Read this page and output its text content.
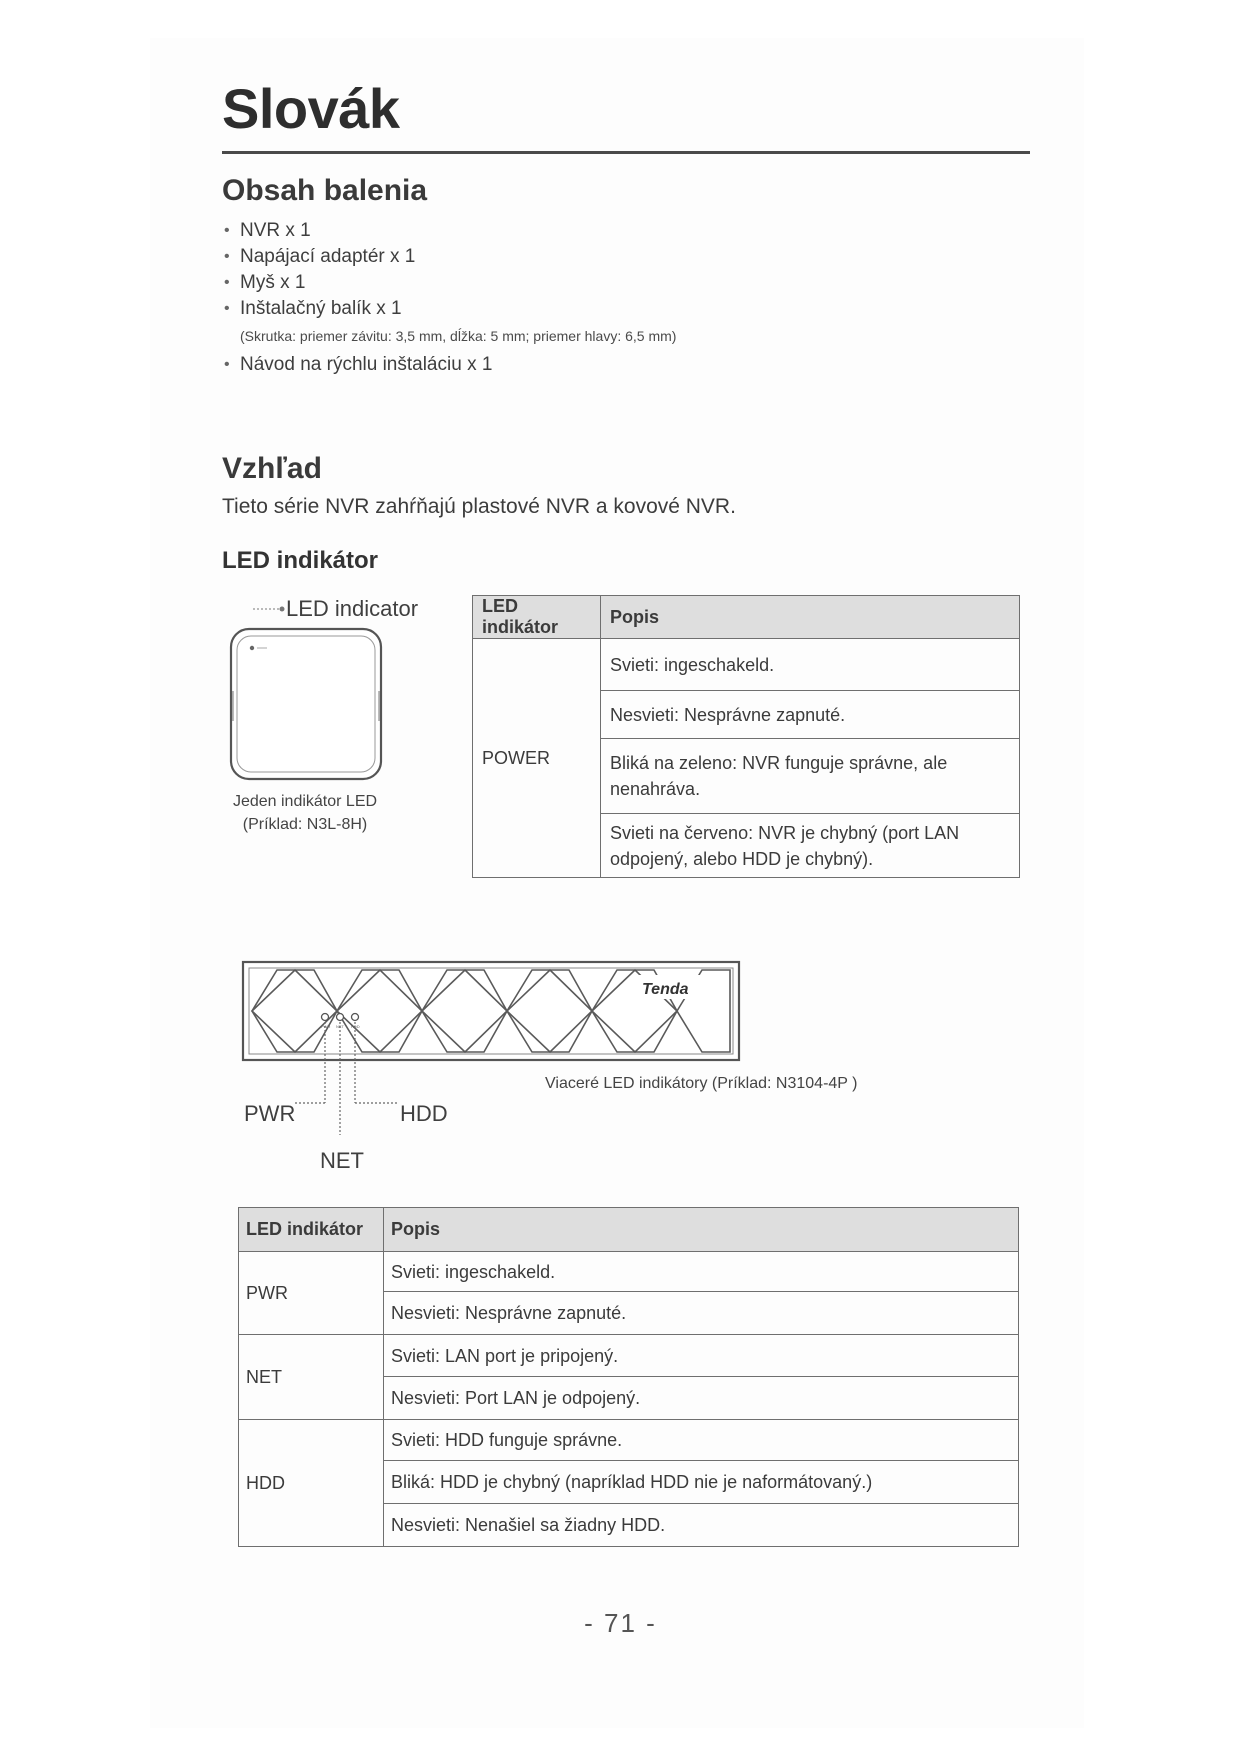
Slovák
Obsah balenia
• NVR x 1
• Napájací adaptér x 1
• Myš x 1
• Inštalačný balík x 1
(Skrutka: priemer závitu: 3,5 mm, dĺžka: 5 mm; priemer hlavy: 6,5 mm)
• Návod na rýchlu inštaláciu x 1
Vzhľad
Tieto série NVR zahŕňajú plastové NVR a kovové NVR.
LED indikátor
LED indicator
Jeden indikátor LED
(Príklad: N3L-8H)
LED indikátor	Popis
POWER	Svieti: ingeschakeld.
	Nesvieti: Nesprávne zapnuté.
	Bliká na zeleno: NVR funguje správne, ale nenahráva.
	Svieti na červeno: NVR je chybný (port LAN odpojený, alebo HDD je chybný).
Tenda
PWR NET HDD
PWR	HDD
NET
Viaceré LED indikátory (Príklad: N3104-4P )
LED indikátor	Popis
PWR	Svieti: ingeschakeld.
	Nesvieti: Nesprávne zapnuté.
NET	Svieti: LAN port je pripojený.
	Nesvieti: Port LAN je odpojený.
HDD	Svieti: HDD funguje správne.
	Bliká: HDD je chybný (napríklad HDD nie je naformátovaný.)
	Nesvieti: Nenašiel sa žiadny HDD.
- 71 -
